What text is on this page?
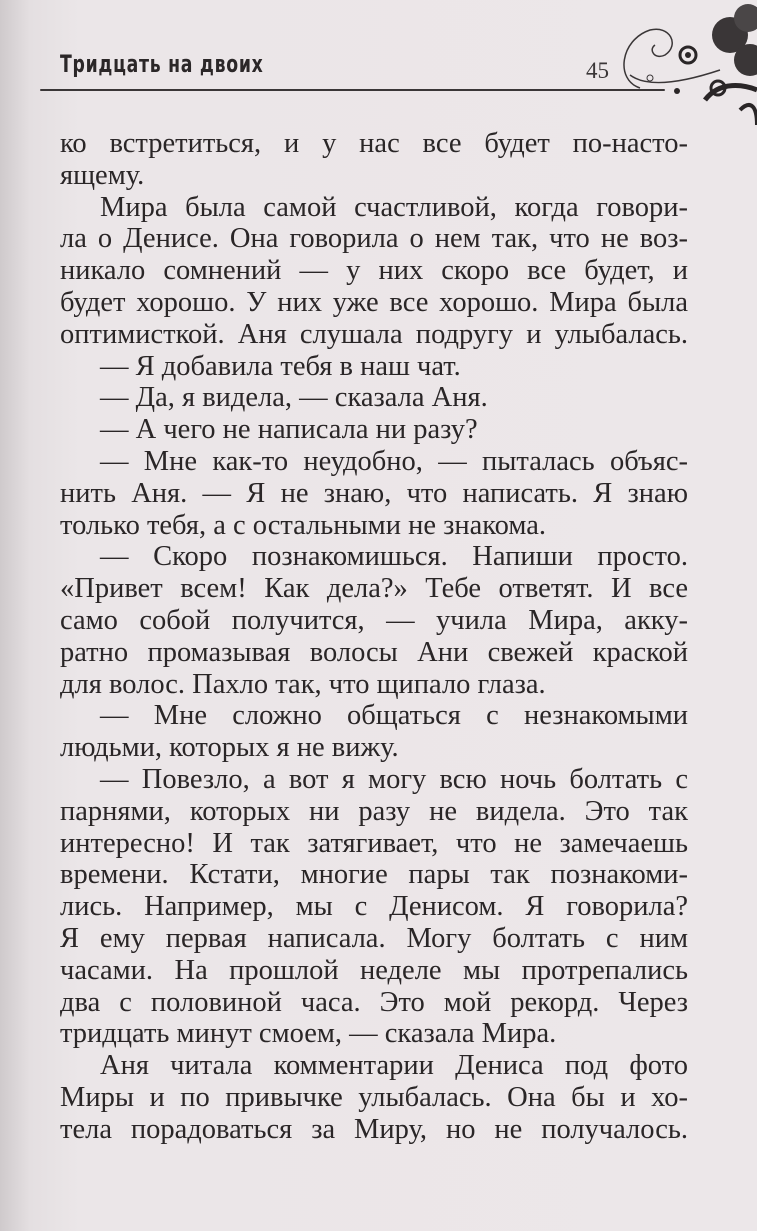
Тридцать на двоих	45
ко встретиться, и у нас все будет по-насто-
ящему.
Мира была самой счастливой, когда говори-
ла о Денисе. Она говорила о нем так, что не воз-
никало сомнений — у них скоро все будет, и
будет хорошо. У них уже все хорошо. Мира была
оптимисткой. Аня слушала подругу и улыбалась.
— Я добавила тебя в наш чат.
— Да, я видела, — сказала Аня.
— А чего не написала ни разу?
— Мне как-то неудобно, — пыталась объяс-
нить Аня. — Я не знаю, что написать. Я знаю
только тебя, а с остальными не знакома.
— Скоро познакомишься. Напиши просто.
«Привет всем! Как дела?» Тебе ответят. И все
само собой получится, — учила Мира, акку-
ратно промазывая волосы Ани свежей краской
для волос. Пахло так, что щипало глаза.
— Мне сложно общаться с незнакомыми
людьми, которых я не вижу.
— Повезло, а вот я могу всю ночь болтать с
парнями, которых ни разу не видела. Это так
интересно! И так затягивает, что не замечаешь
времени. Кстати, многие пары так познакоми-
лись. Например, мы с Денисом. Я говорила?
Я ему первая написала. Могу болтать с ним
часами. На прошлой неделе мы протрепались
два с половиной часа. Это мой рекорд. Через
тридцать минут смоем, — сказала Мира.
Аня читала комментарии Дениса под фото
Миры и по привычке улыбалась. Она бы и хо-
тела порадоваться за Миру, но не получалось.
